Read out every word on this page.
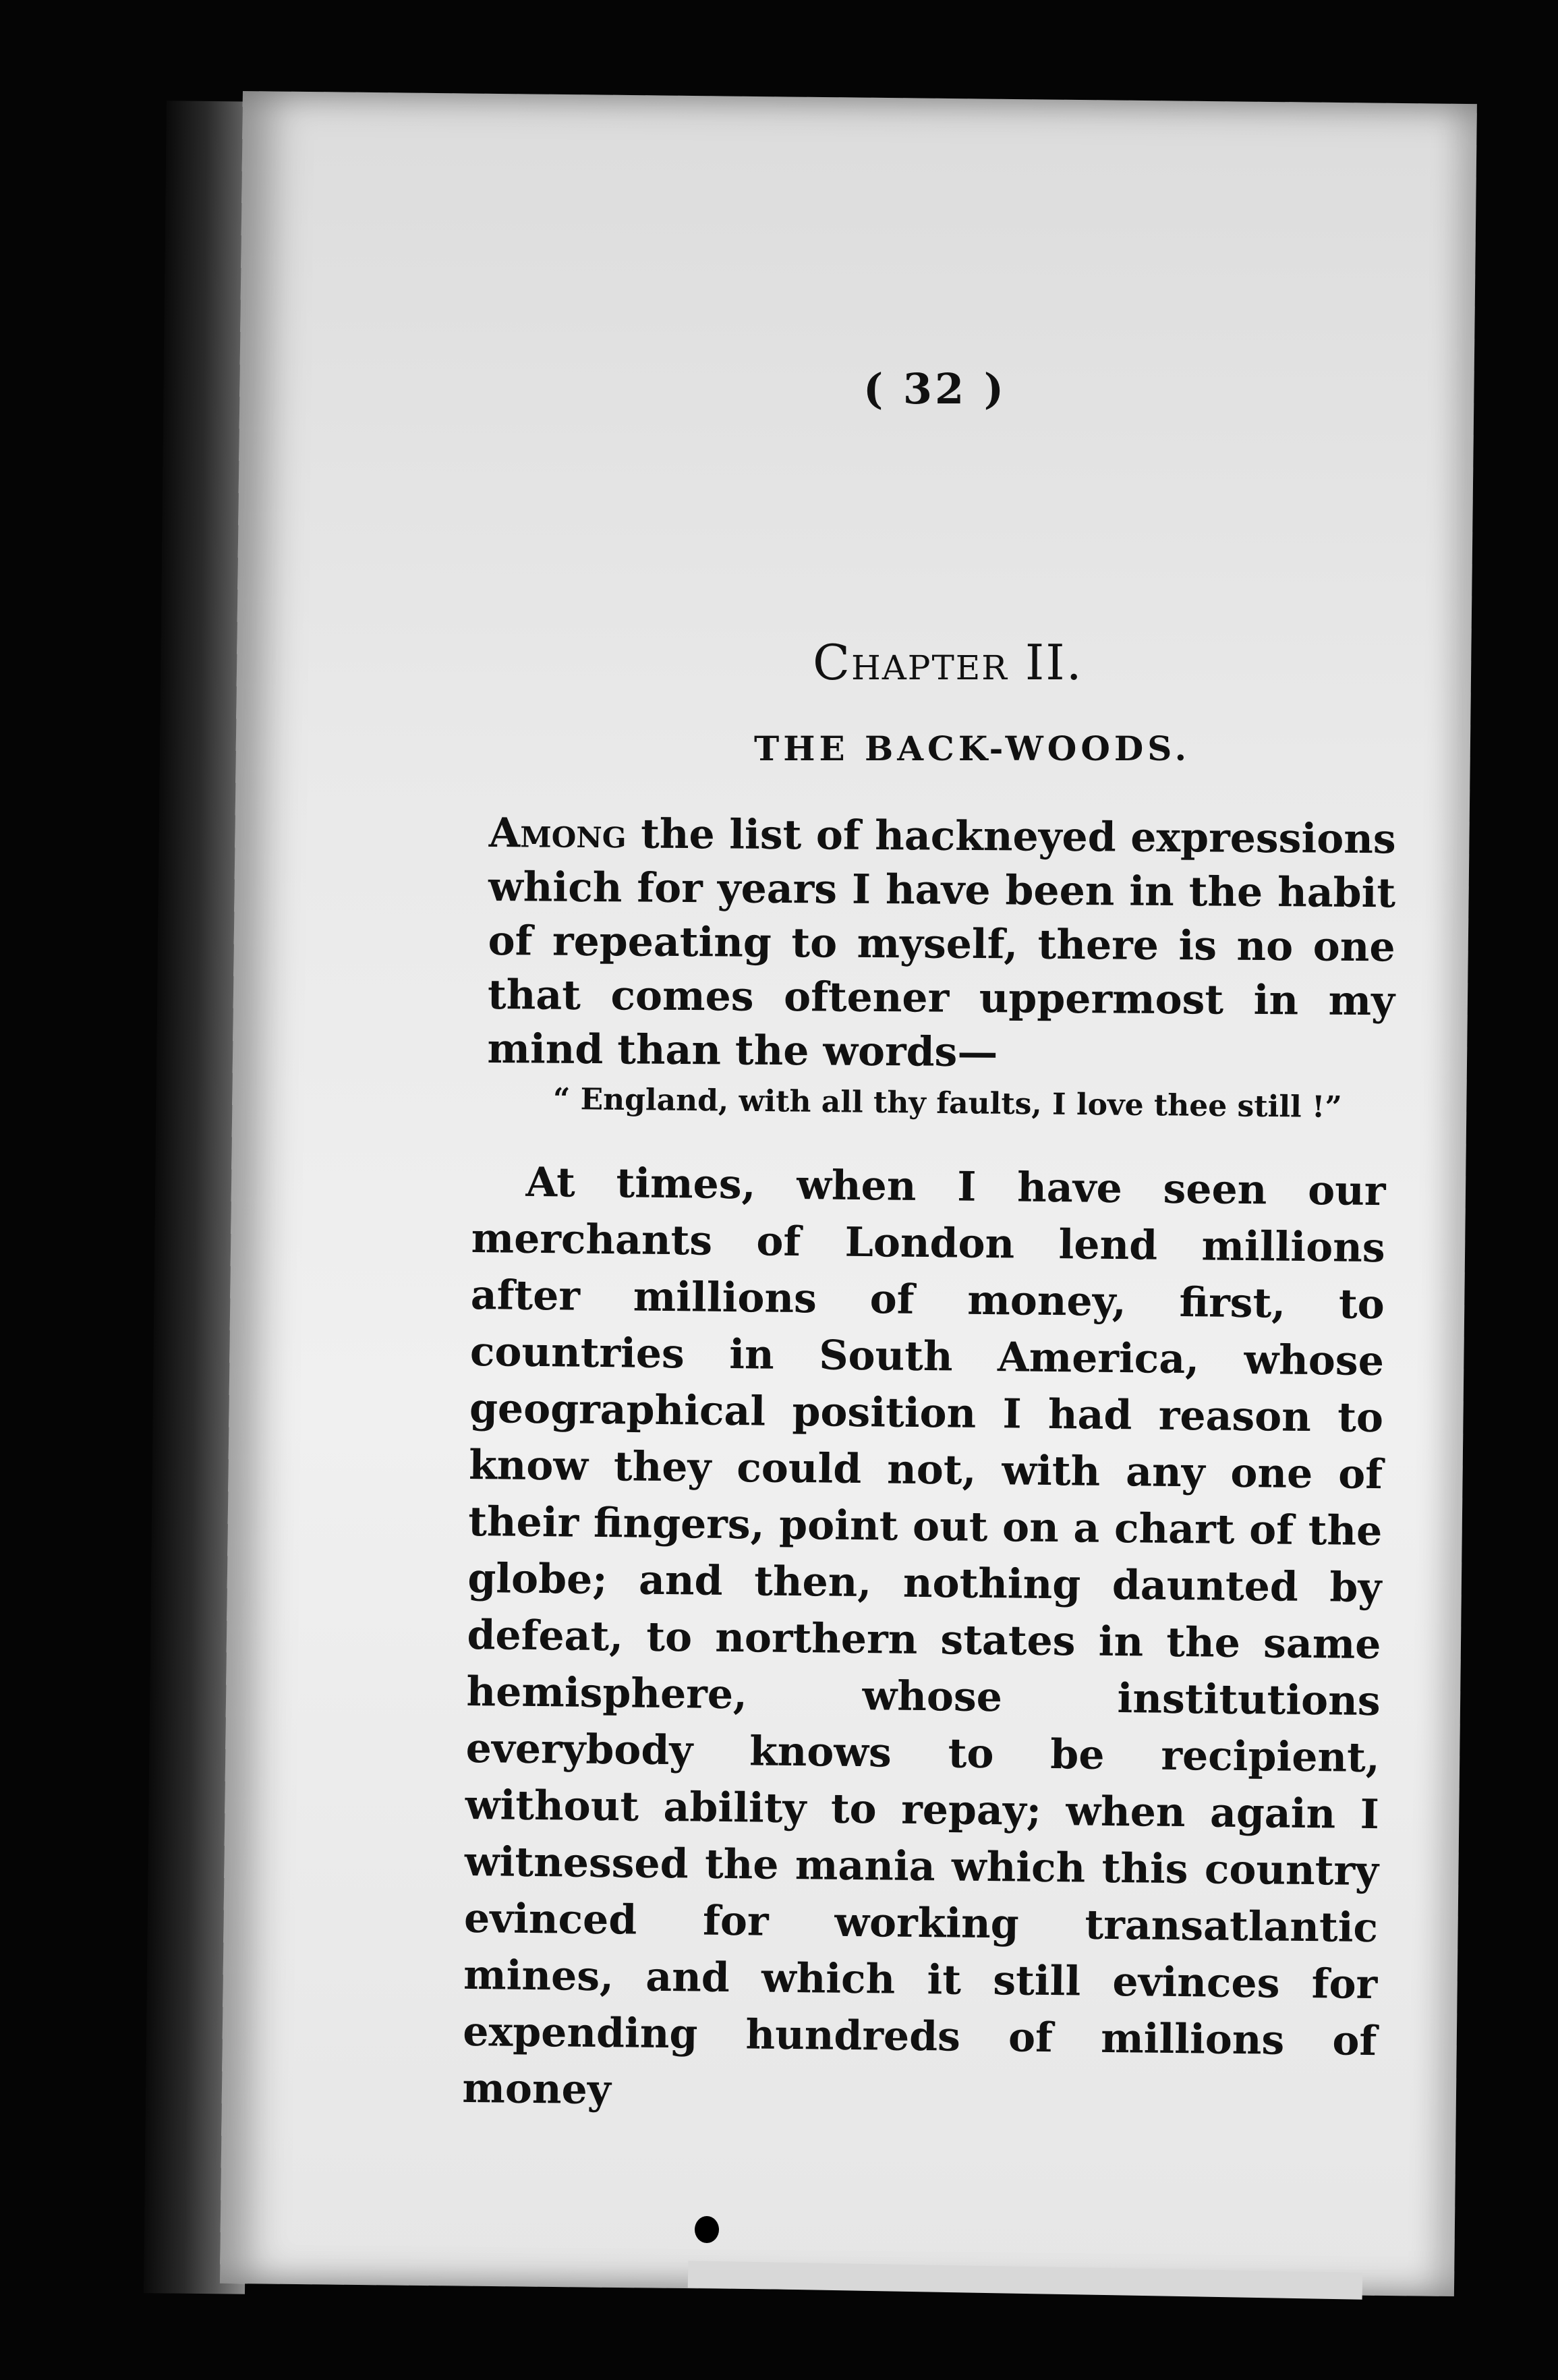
( 32 )
Chapter II.
THE BACK-WOODS.
Among the list of hackneyed expressions which for years I have been in the habit of repeating to myself, there is no one that comes oftener uppermost in my mind than the words—
“ England, with all thy faults, I love thee still !”
At times, when I have seen our merchants of London lend millions after millions of money, first, to countries in South America, whose geographical position I had reason to know they could not, with any one of their fingers, point out on a chart of the globe; and then, nothing daunted by defeat, to northern states in the same hemisphere, whose institutions everybody knows to be recipient, without ability to repay; when again I witnessed the mania which this country evinced for working transatlantic mines, and which it still evinces for expending hundreds of millions of money
